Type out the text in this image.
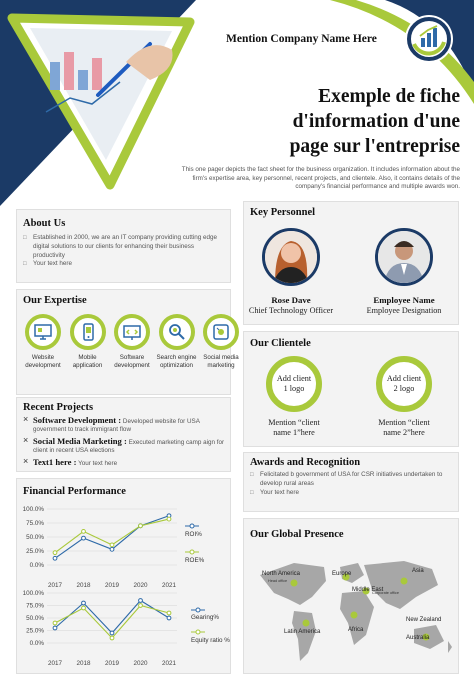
Mention Company Name Here
Exemple de fiche
d'information d'une
page sur l'entreprise

This one pager depicts the fact sheet for the business organization. It includes information about the
firm's expertise area, key personnel, recent projects, and clientele. Also, it contains details of the
company's financial performance and multiple awards won.

About Us
□ Established in 2000, we are an IT company providing cutting edge digital solutions to our clients for enhancing their business productivity
□ Your text here
Our Expertise
Website development
Mobile application
Software development
Search engine optimization
Social media marketing
Recent Projects
× Software Development : Developed website for USA government to track immigrant flow
× Social Media Marketing : Executed marketing camp aign for client in recent USA elections
× Text1 here : Your text here
Financial Performance
0.0%
25.0%
50.0%
75.0%
100.0%
2017 2018 2019 2020 2021
0.0%
25.0%
50.0%
75.0%
100.0%
2017 2018 2019 2020 2021
ROI%
ROE%
Gearing%
Equity ratio %
Key Personnel
Rose Dave
Chief Technology Officer
Employee Name
Employee Designation
Our Clientele
Add client 1 logo
Mention “client
name 1”here
Add client 2 logo
Mention “client
name 2”here
Awards and Recognition
□ Felicitated b government of USA for CSR initiatives undertaken to develop rural areas
□ Your text here
Our Global Presence
North America
Head office
Europe	Asia
Middle East
Corporate office
Latin America	Africa
New Zealand
Australia
